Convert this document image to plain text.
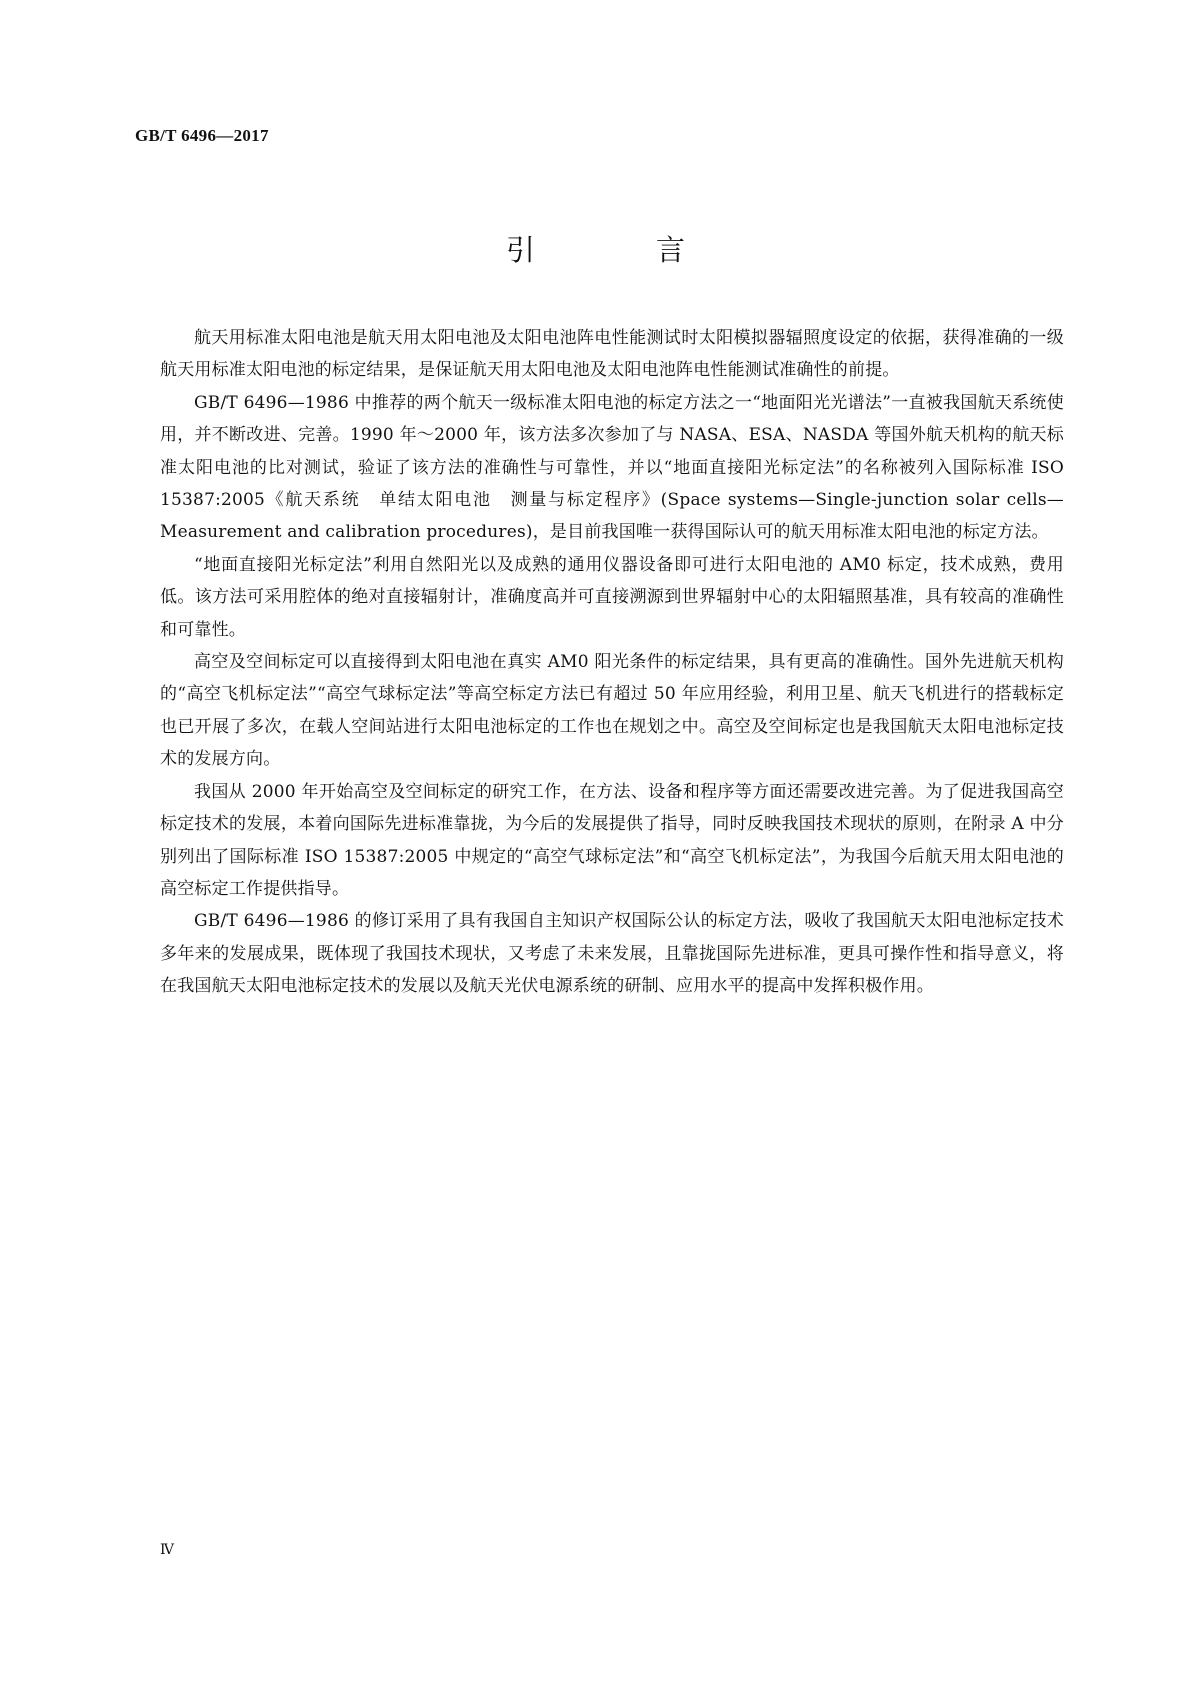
GB/T 6496—2017

引　言

航天用标准太阳电池是航天用太阳电池及太阳电池阵电性能测试时太阳模拟器辐照度设定的依据，获得准确的一级航天用标准太阳电池的标定结果，是保证航天用太阳电池及太阳电池阵电性能测试准确性的前提。

GB/T 6496—1986 中推荐的两个航天一级标准太阳电池的标定方法之一“地面阳光光谱法”一直被我国航天系统使用，并不断改进、完善。1990 年～2000 年，该方法多次参加了与 NASA、ESA、NASDA 等国外航天机构的航天标准太阳电池的比对测试，验证了该方法的准确性与可靠性，并以“地面直接阳光标定法”的名称被列入国际标准 ISO 15387:2005《航天系统　单结太阳电池　测量与标定程序》(Space systems—Single-junction solar cells—Measurement and calibration procedures)，是目前我国唯一获得国际认可的航天用标准太阳电池的标定方法。

“地面直接阳光标定法”利用自然阳光以及成熟的通用仪器设备即可进行太阳电池的 AM0 标定，技术成熟，费用低。该方法可采用腔体的绝对直接辐射计，准确度高并可直接溯源到世界辐射中心的太阳辐照基准，具有较高的准确性和可靠性。

高空及空间标定可以直接得到太阳电池在真实 AM0 阳光条件的标定结果，具有更高的准确性。国外先进航天机构的“高空飞机标定法”“高空气球标定法”等高空标定方法已有超过 50 年应用经验，利用卫星、航天飞机进行的搭载标定也已开展了多次，在载人空间站进行太阳电池标定的工作也在规划之中。高空及空间标定也是我国航天太阳电池标定技术的发展方向。

我国从 2000 年开始高空及空间标定的研究工作，在方法、设备和程序等方面还需要改进完善。为了促进我国高空标定技术的发展，本着向国际先进标准靠拢，为今后的发展提供了指导，同时反映我国技术现状的原则，在附录 A 中分别列出了国际标准 ISO 15387:2005 中规定的“高空气球标定法”和“高空飞机标定法”，为我国今后航天用太阳电池的高空标定工作提供指导。

GB/T 6496—1986 的修订采用了具有我国自主知识产权国际公认的标定方法，吸收了我国航天太阳电池标定技术多年来的发展成果，既体现了我国技术现状，又考虑了未来发展，且靠拢国际先进标准，更具可操作性和指导意义，将在我国航天太阳电池标定技术的发展以及航天光伏电源系统的研制、应用水平的提高中发挥积极作用。

Ⅳ
